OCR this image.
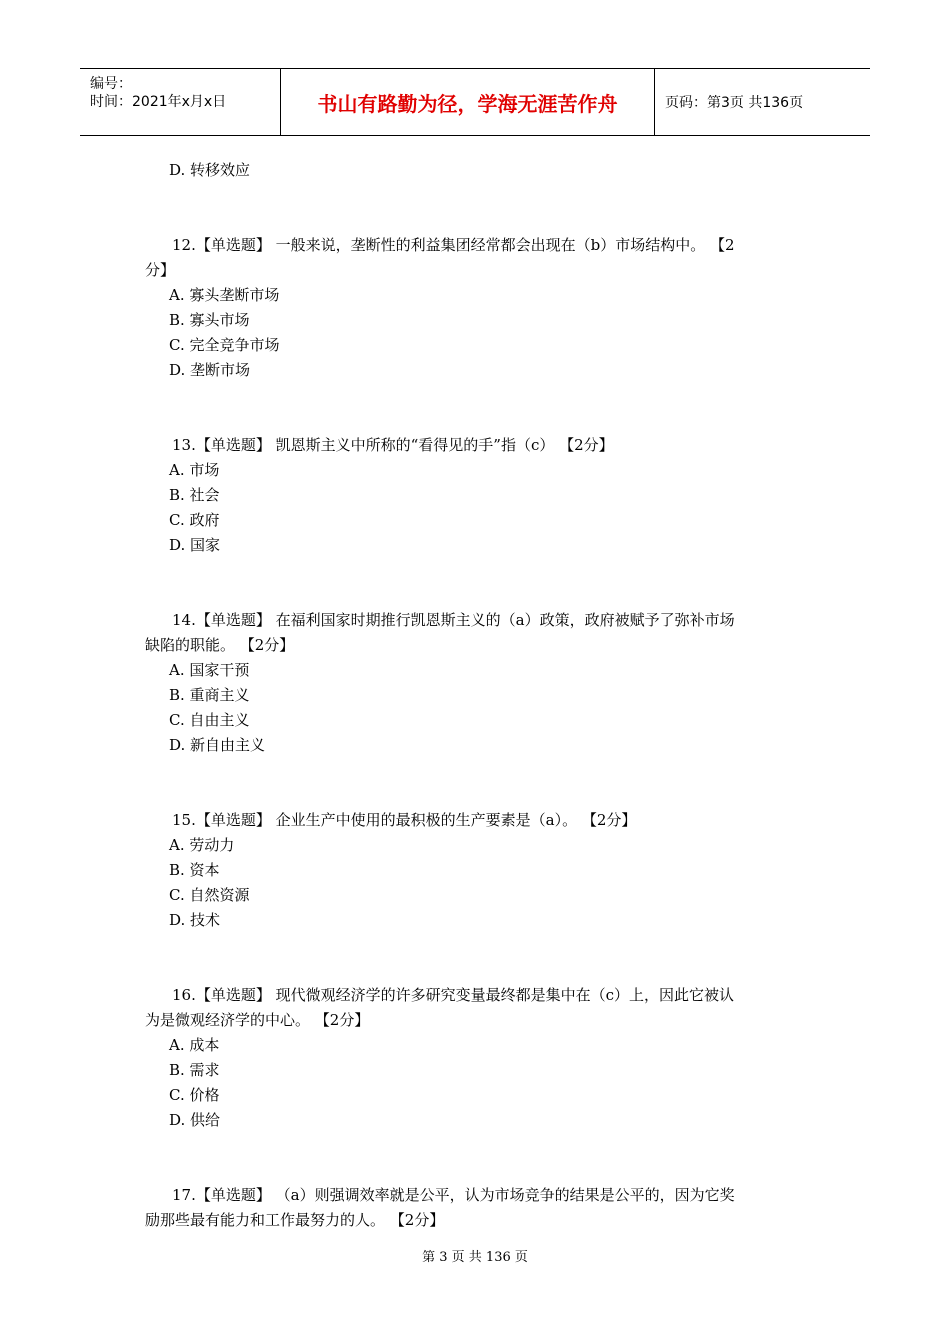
编号：
时间：2021年x月x日	书山有路勤为径，学海无涯苦作舟	页码：第3页 共136页
D. 转移效应
12.【单选题】 一般来说，垄断性的利益集团经常都会出现在（b）市场结构中。 【2
分】
A. 寡头垄断市场
B. 寡头市场
C. 完全竞争市场
D. 垄断市场
13.【单选题】 凯恩斯主义中所称的“看得见的手”指（c） 【2分】
A. 市场
B. 社会
C. 政府
D. 国家
14.【单选题】 在福利国家时期推行凯恩斯主义的（a）政策，政府被赋予了弥补市场
缺陷的职能。 【2分】
A. 国家干预
B. 重商主义
C. 自由主义
D. 新自由主义
15.【单选题】 企业生产中使用的最积极的生产要素是（a）。 【2分】
A. 劳动力
B. 资本
C. 自然资源
D. 技术
16.【单选题】 现代微观经济学的许多研究变量最终都是集中在（c）上，因此它被认
为是微观经济学的中心。 【2分】
A. 成本
B. 需求
C. 价格
D. 供给
17.【单选题】 （a）则强调效率就是公平，认为市场竞争的结果是公平的，因为它奖
励那些最有能力和工作最努力的人。 【2分】
第 3 页 共 136 页
